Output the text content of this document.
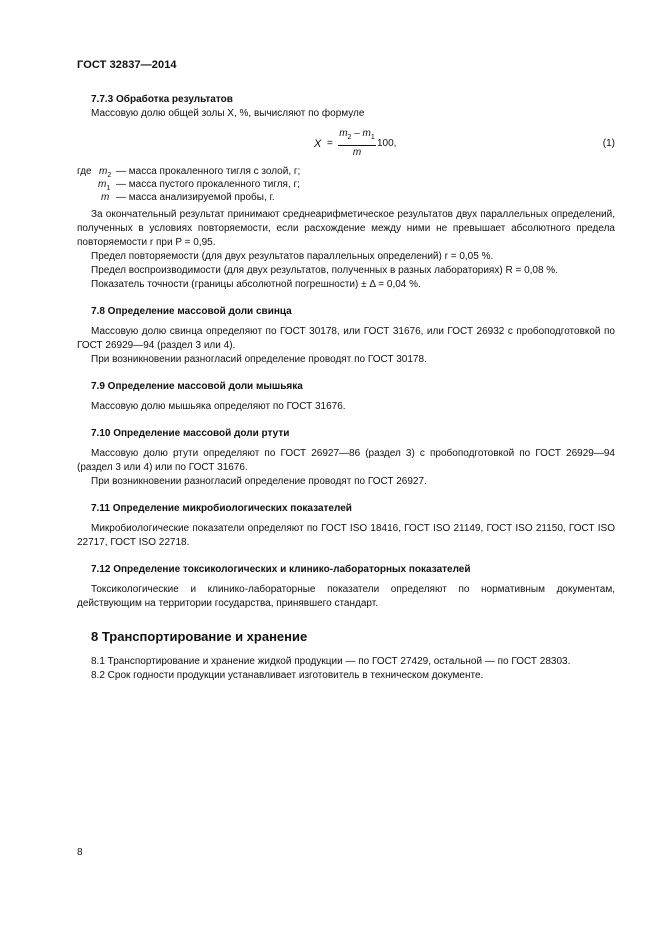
ГОСТ 32837—2014

7.7.3 Обработка результатов

Массовую долю общей золы X, %, вычисляют по формуле

$X = \frac{m_2 - m_1}{m} 100$,	(1)
где $m_2$ — масса прокаленного тигля с золой, г;
$m_1$ — масса пустого прокаленного тигля, г;
m — масса анализируемой пробы, г.

За окончательный результат принимают среднеарифметическое результатов двух параллельных определений, полученных в условиях повторяемости, если расхождение между ними не превышает абсолютного предела повторяемости r при P = 0,95.

Предел повторяемости (для двух результатов параллельных определений) r = 0,05 %.

Предел воспроизводимости (для двух результатов, полученных в разных лабораториях) R = 0,08 %.

Показатель точности (границы абсолютной погрешности) ± Δ = 0,04 %.

7.8 Определение массовой доли свинца

Массовую долю свинца определяют по ГОСТ 30178, или ГОСТ 31676, или ГОСТ 26932 с пробоподготовкой по ГОСТ 26929—94 (раздел 3 или 4).

При возникновении разногласий определение проводят по ГОСТ 30178.

7.9 Определение массовой доли мышьяка

Массовую долю мышьяка определяют по ГОСТ 31676.

7.10 Определение массовой доли ртути

Массовую долю ртути определяют по ГОСТ 26927—86 (раздел 3) с пробоподготовкой по ГОСТ 26929—94 (раздел 3 или 4) или по ГОСТ 31676.

При возникновении разногласий определение проводят по ГОСТ 26927.

7.11 Определение микробиологических показателей

Микробиологические показатели определяют по ГОСТ ISO 18416, ГОСТ ISO 21149, ГОСТ ISO 21150, ГОСТ ISO 22717, ГОСТ ISO 22718.

7.12 Определение токсикологических и клинико-лабораторных показателей

Токсикологические и клинико-лабораторные показатели определяют по нормативным документам, действующим на территории государства, принявшего стандарт.

8 Транспортирование и хранение

8.1 Транспортирование и хранение жидкой продукции — по ГОСТ 27429, остальной — по ГОСТ 28303.

8.2 Срок годности продукции устанавливает изготовитель в техническом документе.

8
